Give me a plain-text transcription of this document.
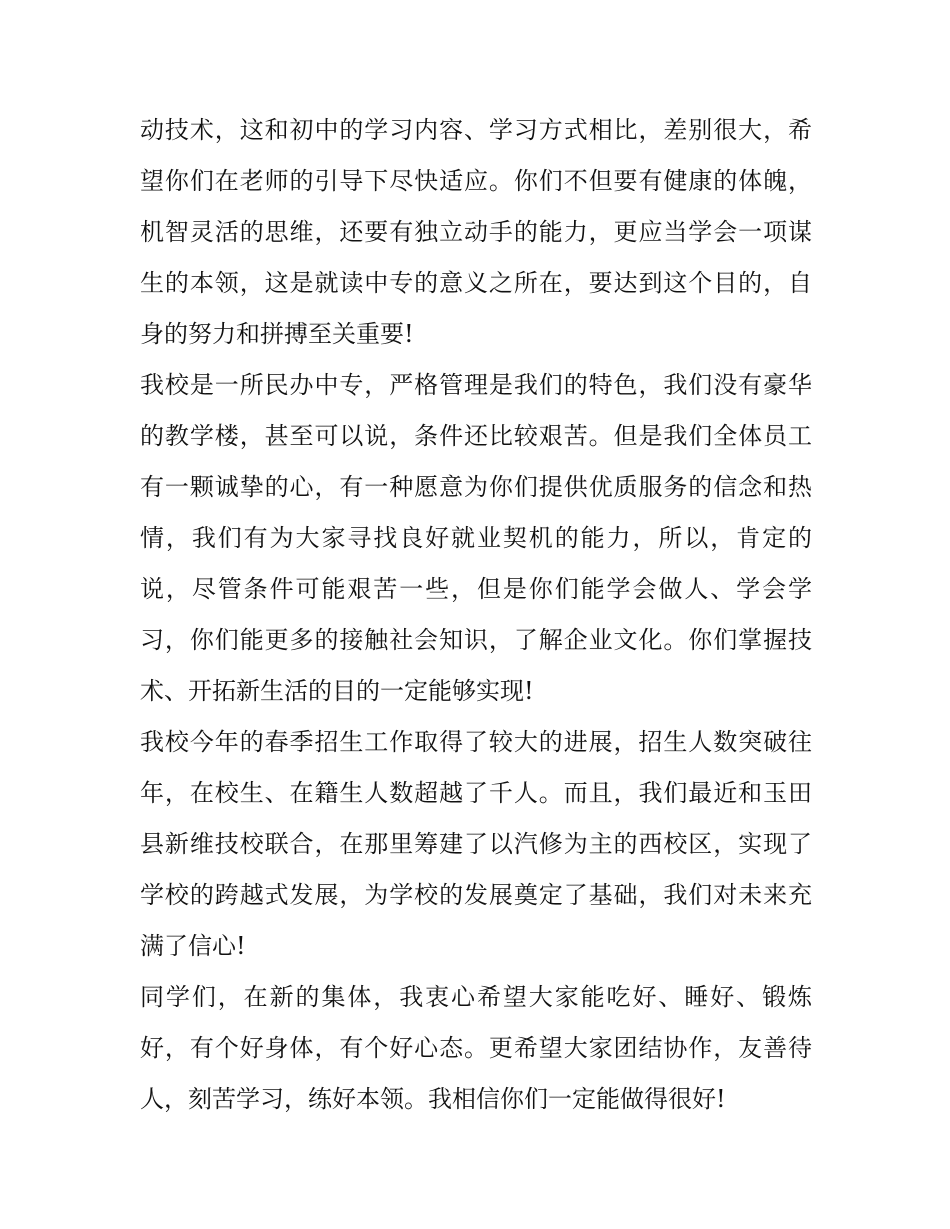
动技术，这和初中的学习内容、学习方式相比，差别很大，希
望你们在老师的引导下尽快适应。你们不但要有健康的体魄，
机智灵活的思维，还要有独立动手的能力，更应当学会一项谋
生的本领，这是就读中专的意义之所在，要达到这个目的，自
身的努力和拼搏至关重要!
我校是一所民办中专，严格管理是我们的特色，我们没有豪华
的教学楼，甚至可以说，条件还比较艰苦。但是我们全体员工
有一颗诚挚的心，有一种愿意为你们提供优质服务的信念和热
情，我们有为大家寻找良好就业契机的能力，所以，肯定的
说，尽管条件可能艰苦一些，但是你们能学会做人、学会学
习，你们能更多的接触社会知识，了解企业文化。你们掌握技
术、开拓新生活的目的一定能够实现!
我校今年的春季招生工作取得了较大的进展，招生人数突破往
年，在校生、在籍生人数超越了千人。而且，我们最近和玉田
县新维技校联合，在那里筹建了以汽修为主的西校区，实现了
学校的跨越式发展，为学校的发展奠定了基础，我们对未来充
满了信心!
同学们，在新的集体，我衷心希望大家能吃好、睡好、锻炼
好，有个好身体，有个好心态。更希望大家团结协作，友善待
人，刻苦学习，练好本领。我相信你们一定能做得很好!
